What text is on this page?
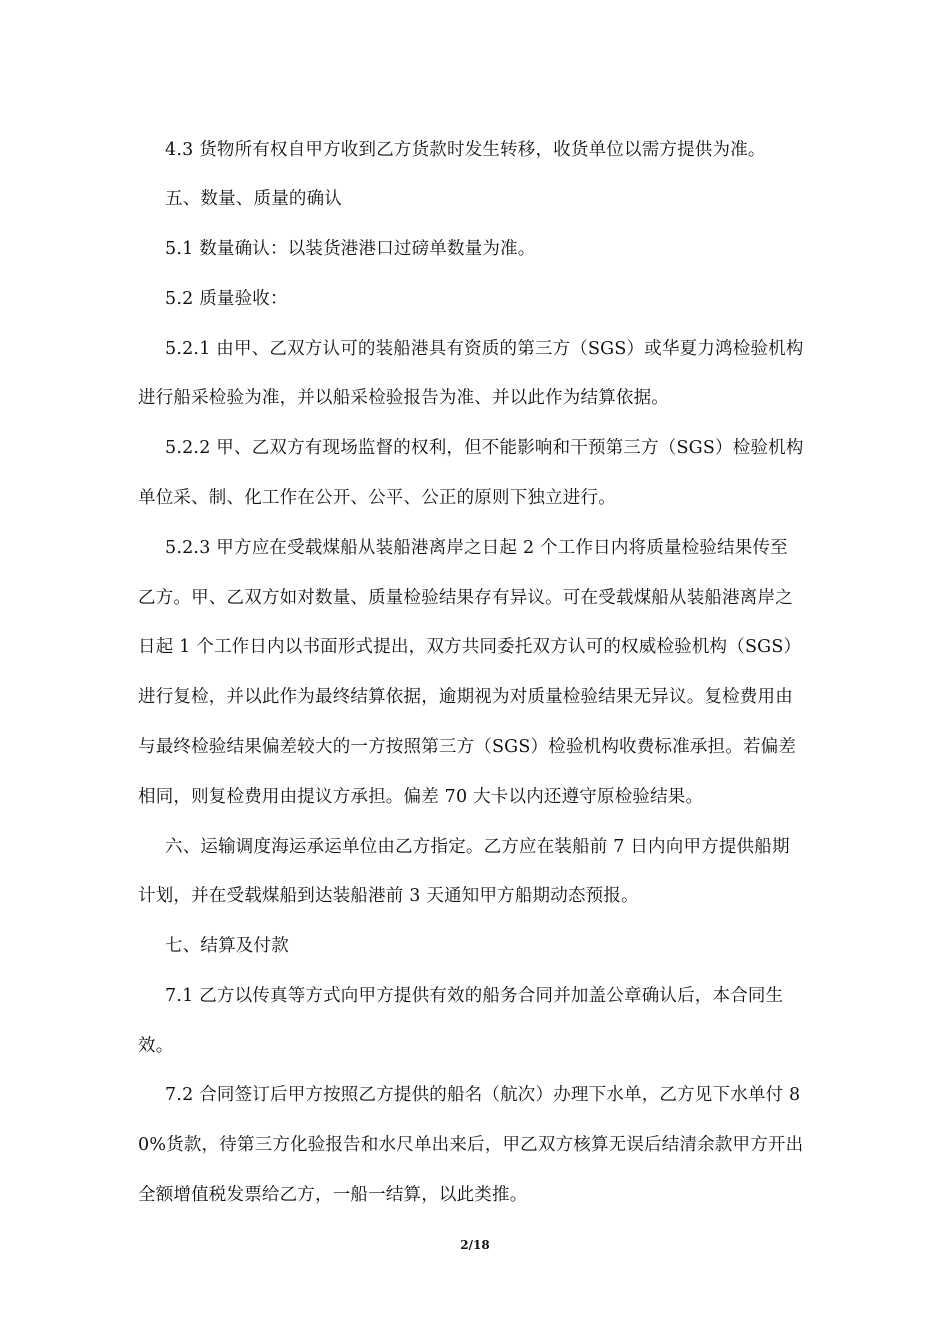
4.3 货物所有权自甲方收到乙方货款时发生转移，收货单位以需方提供为准。
五、数量、质量的确认
5.1 数量确认：以装货港港口过磅单数量为准。
5.2 质量验收：
5.2.1 由甲、乙双方认可的装船港具有资质的第三方（SGS）或华夏力鸿检验机构
进行船采检验为准，并以船采检验报告为准、并以此作为结算依据。
5.2.2 甲、乙双方有现场监督的权利，但不能影响和干预第三方（SGS）检验机构
单位采、制、化工作在公开、公平、公正的原则下独立进行。
5.2.3 甲方应在受载煤船从装船港离岸之日起 2 个工作日内将质量检验结果传至
乙方。甲、乙双方如对数量、质量检验结果存有异议。可在受载煤船从装船港离岸之
日起 1 个工作日内以书面形式提出，双方共同委托双方认可的权威检验机构（SGS）
进行复检，并以此作为最终结算依据，逾期视为对质量检验结果无异议。复检费用由
与最终检验结果偏差较大的一方按照第三方（SGS）检验机构收费标准承担。若偏差
相同，则复检费用由提议方承担。偏差 70 大卡以内还遵守原检验结果。
六、运输调度海运承运单位由乙方指定。乙方应在装船前 7 日内向甲方提供船期
计划，并在受载煤船到达装船港前 3 天通知甲方船期动态预报。
七、结算及付款
7.1 乙方以传真等方式向甲方提供有效的船务合同并加盖公章确认后，本合同生
效。
7.2 合同签订后甲方按照乙方提供的船名（航次）办理下水单，乙方见下水单付 8
0%货款，待第三方化验报告和水尺单出来后，甲乙双方核算无误后结清余款甲方开出
全额增值税发票给乙方，一船一结算，以此类推。
2/18
